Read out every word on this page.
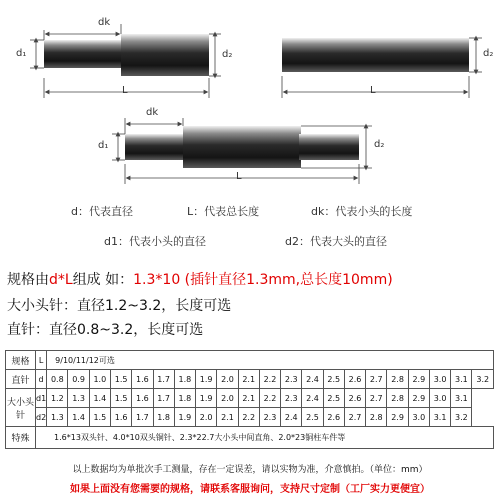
dk
d₁	d₂
L
d₂
L
dk
d₁	d₂
L
d：代表直径	L：代表总长度	dk：代表小头的长度
d1：代表小头的直径	d2：代表大头的直径
规格由d*L组成 如：1.3*10 (插针直径1.3mm,总长度10mm)
大小头针：直径1.2~3.2，长度可选
直针：直径0.8~3.2，长度可选
规格	L	9/10/11/12可选																				
直针	d	0.8	0.9	1.0	1.5	1.6	1.7	1.8	1.9	2.0	2.1	2.2	2.3	2.4	2.5	2.6	2.7	2.8	2.9	3.0	3.1	3.2
大小头针	d1	1.2	1.3	1.4	1.5	1.6	1.7	1.8	1.9	2.0	2.1	2.2	2.3	2.4	2.5	2.6	2.7	2.8	2.9	3.0	3.1	
	d2	1.3	1.4	1.5	1.6	1.7	1.8	1.9	2.0	2.1	2.2	2.3	2.4	2.5	2.6	2.7	2.8	2.9	3.0	3.1	3.2	
特殊	1.6*13双头针、4.0*10双头铜针、2.3*22.7大小头中间直角、2.0*23铜柱车件等																					
以上数据均为单批次手工测量，存在一定误差，请以实物为准，介意慎拍。（单位：mm）
如果上面没有您需要的规格，请联系客服询问，支持尺寸定制（工厂实力更便宜）
